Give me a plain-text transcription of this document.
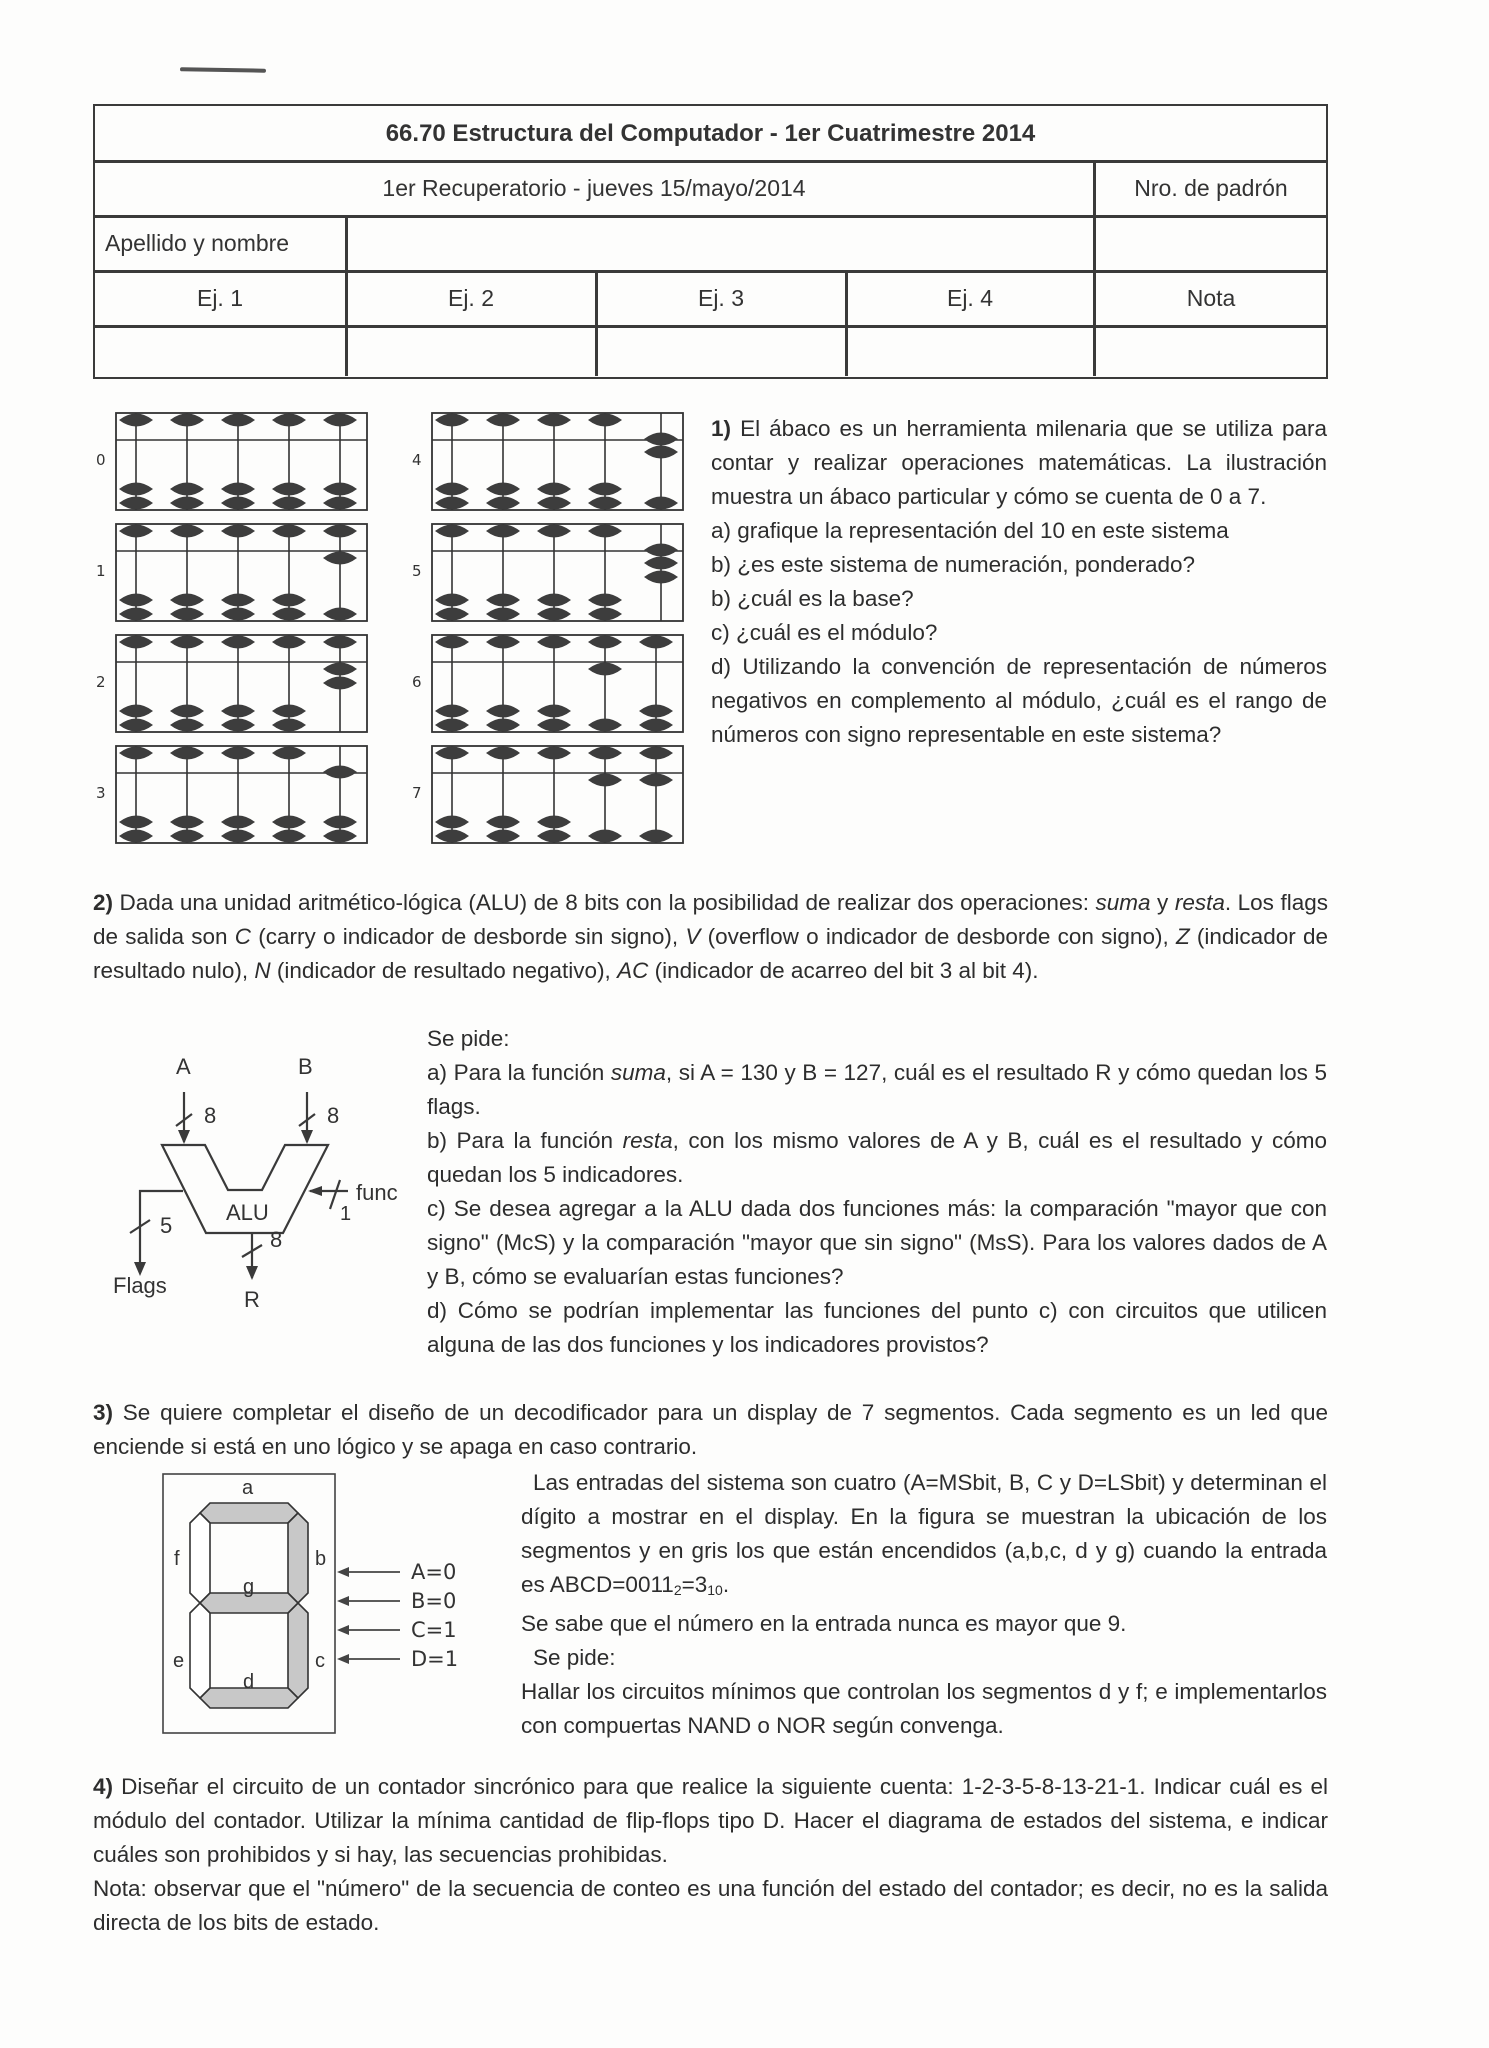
66.70 Estructura del Computador - 1er Cuatrimestre 2014
1er Recuperatorio - jueves 15/mayo/2014	Nro. de padrón
Apellido y nombre
Ej. 1	Ej. 2	Ej. 3	Ej. 4	Nota
0
1
2
3
4
5
6
7

1) El ábaco es un herramienta milenaria que se utiliza para contar y realizar operaciones matemáticas. La ilustración muestra un ábaco particular y cómo se cuenta de 0 a 7.

a) grafique la representación del 10 en este sistema

b) ¿es este sistema de numeración, ponderado?

b) ¿cuál es la base?

c) ¿cuál es el módulo?

d) Utilizando la convención de representación de números negativos en complemento al módulo, ¿cuál es el rango de números con signo representable en este sistema?

2) Dada una unidad aritmético-lógica (ALU) de 8 bits con la posibilidad de realizar dos operaciones: suma y resta. Los flags de salida son C (carry o indicador de desborde sin signo), V (overflow o indicador de desborde con signo), Z (indicador de resultado nulo), N (indicador de resultado negativo), AC (indicador de acarreo del bit 3 al bit 4).

A	B
8	8
ALU
func
1
5
Flags
8
R

Se pide:

a) Para la función suma, si A = 130 y B = 127, cuál es el resultado R y cómo quedan los 5 flags.

b) Para la función resta, con los mismo valores de A y B, cuál es el resultado y cómo quedan los 5 indicadores.

c) Se desea agregar a la ALU dada dos funciones más: la comparación "mayor que con signo" (McS) y la comparación "mayor que sin signo" (MsS). Para los valores dados de A y B, cómo se evaluarían estas funciones?

d) Cómo se podrían implementar las funciones del punto c) con circuitos que utilicen alguna de las dos funciones y los indicadores provistos?

3) Se quiere completar el diseño de un decodificador para un display de 7 segmentos. Cada segmento es un led que enciende si está en uno lógico y se apaga en caso contrario.

a
f	b
g
e	c
d
A=0
B=0
C=1
D=1

Las entradas del sistema son cuatro (A=MSbit, B, C y D=LSbit) y determinan el dígito a mostrar en el display. En la figura se muestran la ubicación de los segmentos y en gris los que están encendidos (a,b,c, d y g) cuando la entrada es $ABCD=0011_2=3_{10}$.

Se sabe que el número en la entrada nunca es mayor que 9.

Se pide:

Hallar los circuitos mínimos que controlan los segmentos d y f; e implementarlos con compuertas NAND o NOR según convenga.

4) Diseñar el circuito de un contador sincrónico para que realice la siguiente cuenta: 1-2-3-5-8-13-21-1. Indicar cuál es el módulo del contador. Utilizar la mínima cantidad de flip-flops tipo D. Hacer el diagrama de estados del sistema, e indicar cuáles son prohibidos y si hay, las secuencias prohibidas.

Nota: observar que el "número" de la secuencia de conteo es una función del estado del contador; es decir, no es la salida directa de los bits de estado.
